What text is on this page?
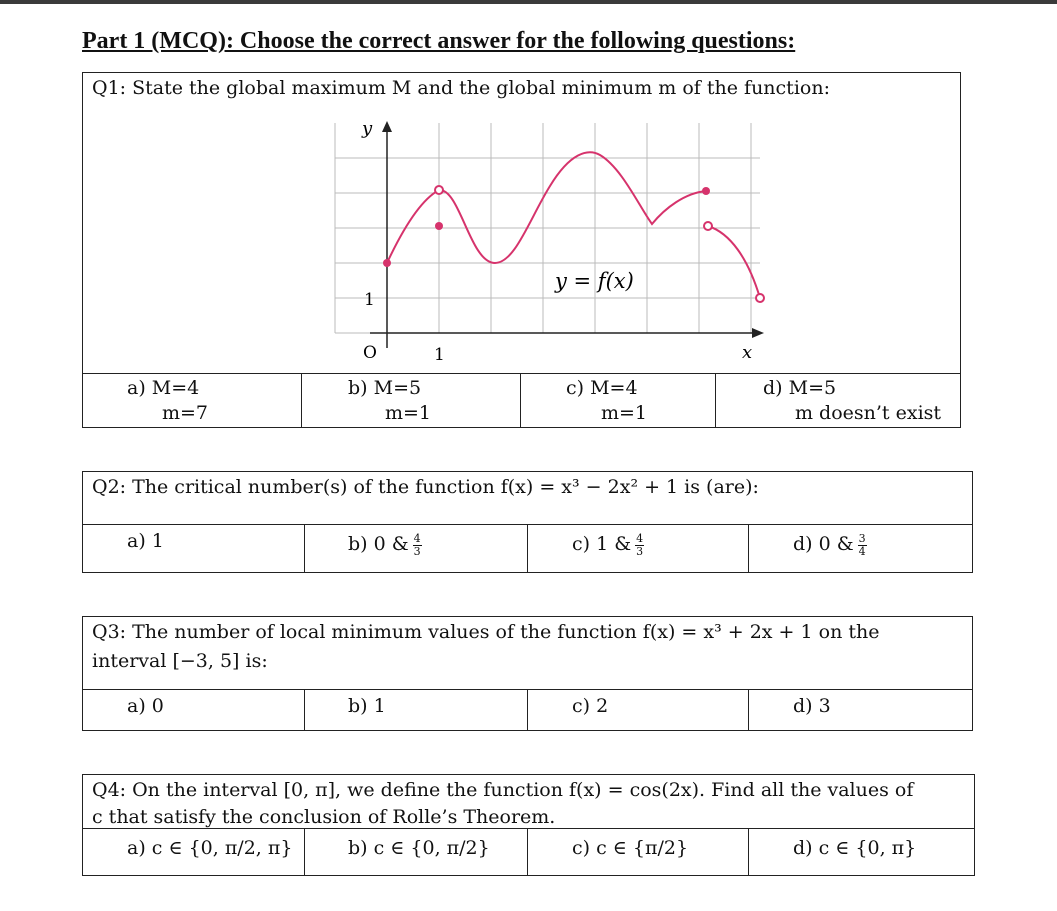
Part 1 (MCQ): Choose the correct answer for the following questions:
Q1: State the global maximum M and the global minimum m of the function:
y
x
O	1
1
y = f(x)
a) M=4
m=7
b) M=5
m=1
c) M=4
m=1
d) M=5
m doesn’t exist
Q2: The critical number(s) of the function f(x) = x³ − 2x² + 1 is (are):
a) 1	b) 0 & $\frac{4}{3}$	c) 1 & $\frac{4}{3}$	d) 0 & $\frac{3}{4}$
Q3: The number of local minimum values of the function f(x) = x³ + 2x + 1 on the
interval [−3, 5] is:
a) 0	b) 1	c) 2	d) 3
Q4: On the interval [0, π], we define the function f(x) = cos(2x). Find all the values of
c that satisfy the conclusion of Rolle’s Theorem.
a) c ∈ {0, π/2, π}	b) c ∈ {0, π/2}	c) c ∈ {π/2}	d) c ∈ {0, π}
